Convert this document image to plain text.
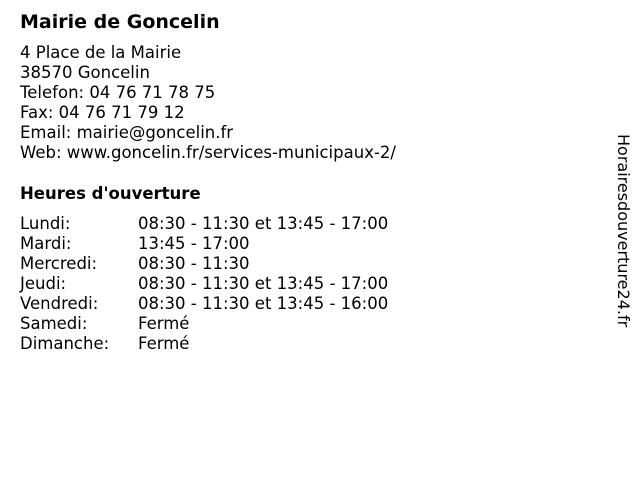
Mairie de Goncelin
4 Place de la Mairie
38570 Goncelin
Telefon: 04 76 71 78 75
Fax: 04 76 71 79 12
Email: mairie@goncelin.fr
Web: www.goncelin.fr/services-municipaux-2/
Heures d'ouverture
Lundi:	08:30 - 11:30 et 13:45 - 17:00
Mardi:	13:45 - 17:00
Mercredi: 08:30 - 11:30
Jeudi:	08:30 - 11:30 et 13:45 - 17:00
Vendredi: 08:30 - 11:30 et 13:45 - 16:00
Samedi:	Fermé
Dimanche: Fermé
Horairesdouverture24.fr
